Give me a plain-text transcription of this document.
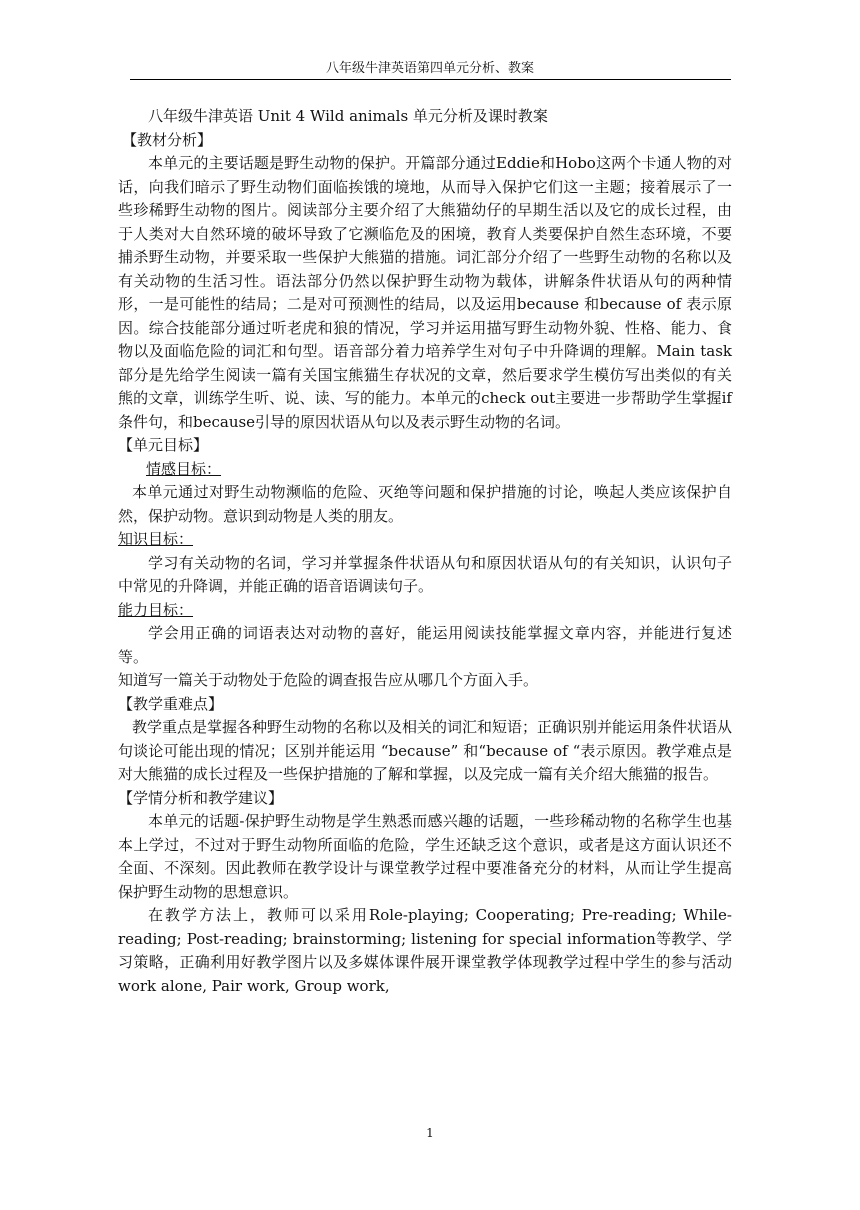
八年级牛津英语第四单元分析、教案

八年级牛津英语 Unit 4 Wild animals 单元分析及课时教案

【教材分析】

本单元的主要话题是野生动物的保护。开篇部分通过Eddie和Hobo这两个卡通人物的对话，向我们暗示了野生动物们面临挨饿的境地，从而导入保护它们这一主题；接着展示了一些珍稀野生动物的图片。阅读部分主要介绍了大熊猫幼仔的早期生活以及它的成长过程，由于人类对大自然环境的破坏导致了它濒临危及的困境，教育人类要保护自然生态环境，不要捕杀野生动物，并要采取一些保护大熊猫的措施。词汇部分介绍了一些野生动物的名称以及有关动物的生活习性。语法部分仍然以保护野生动物为载体，讲解条件状语从句的两种情形，一是可能性的结局；二是对可预测性的结局，以及运用because 和because of 表示原因。综合技能部分通过听老虎和狼的情况，学习并运用描写野生动物外貌、性格、能力、食物以及面临危险的词汇和句型。语音部分着力培养学生对句子中升降调的理解。Main task 部分是先给学生阅读一篇有关国宝熊猫生存状况的文章，然后要求学生模仿写出类似的有关熊的文章，训练学生听、说、读、写的能力。本单元的check out主要进一步帮助学生掌握if 条件句，和because引导的原因状语从句以及表示野生动物的名词。

【单元目标】

情感目标：

本单元通过对野生动物濒临的危险、灭绝等问题和保护措施的讨论，唤起人类应该保护自然，保护动物。意识到动物是人类的朋友。

知识目标：

学习有关动物的名词，学习并掌握条件状语从句和原因状语从句的有关知识，认识句子中常见的升降调，并能正确的语音语调读句子。

能力目标：

学会用正确的词语表达对动物的喜好，能运用阅读技能掌握文章内容，并能进行复述等。

知道写一篇关于动物处于危险的调查报告应从哪几个方面入手。

【教学重难点】

教学重点是掌握各种野生动物的名称以及相关的词汇和短语；正确识别并能运用条件状语从句谈论可能出现的情况；区别并能运用 “because” 和“because of “表示原因。教学难点是对大熊猫的成长过程及一些保护措施的了解和掌握，以及完成一篇有关介绍大熊猫的报告。

【学情分析和教学建议】

本单元的话题-保护野生动物是学生熟悉而感兴趣的话题，一些珍稀动物的名称学生也基本上学过，不过对于野生动物所面临的危险，学生还缺乏这个意识，或者是这方面认识还不全面、不深刻。因此教师在教学设计与课堂教学过程中要准备充分的材料，从而让学生提高保护野生动物的思想意识。

在教学方法上，教师可以采用Role-playing; Cooperating; Pre-reading; While-reading; Post-reading; brainstorming; listening for special information等教学、学习策略，正确利用好教学图片以及多媒体课件展开课堂教学体现教学过程中学生的参与活动work alone, Pair work, Group work,

1
